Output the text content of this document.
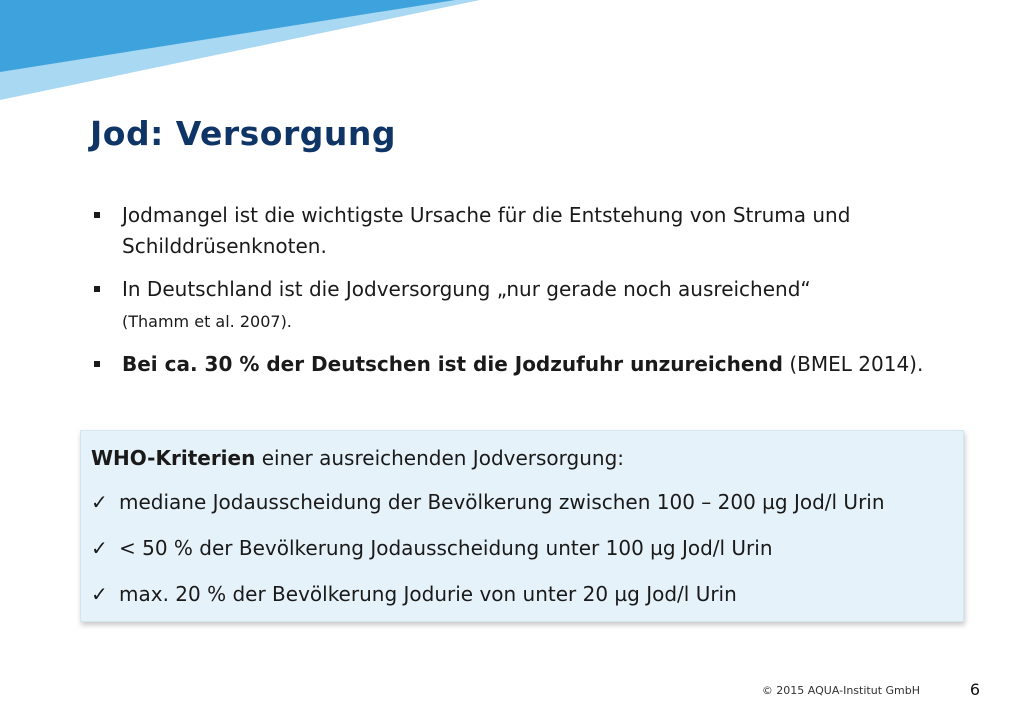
Jod: Versorgung
Jodmangel ist die wichtigste Ursache für die Entstehung von Struma und
Schilddrüsenknoten.
In Deutschland ist die Jodversorgung „nur gerade noch ausreichend“
(Thamm et al. 2007).
Bei ca. 30 % der Deutschen ist die Jodzufuhr unzureichend (BMEL 2014).
WHO-Kriterien einer ausreichenden Jodversorgung:
✓ mediane Jodausscheidung der Bevölkerung zwischen 100 – 200 µg Jod/l Urin
✓ < 50 % der Bevölkerung Jodausscheidung unter 100 µg Jod/l Urin
✓ max. 20 % der Bevölkerung Jodurie von unter 20 µg Jod/l Urin
© 2015 AQUA-Institut GmbH	6
